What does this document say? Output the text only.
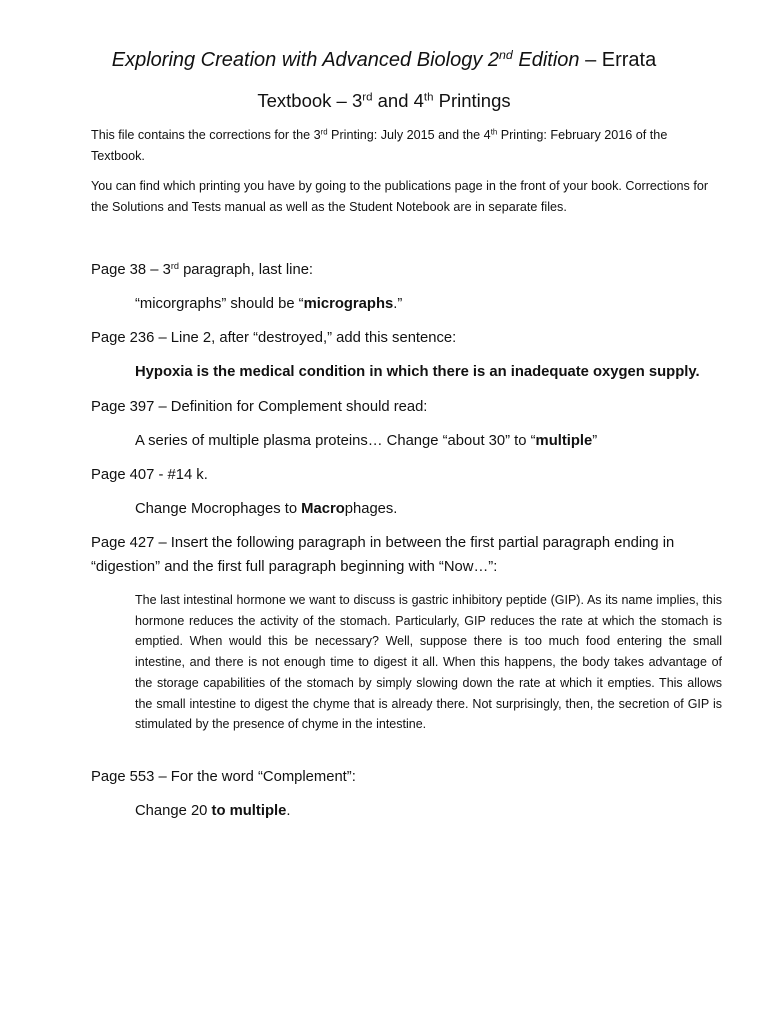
Exploring Creation with Advanced Biology 2nd Edition – Errata
Textbook – 3rd and 4th Printings
This file contains the corrections for the 3rd Printing: July 2015 and the 4th Printing: February 2016 of the Textbook.
You can find which printing you have by going to the publications page in the front of your book. Corrections for the Solutions and Tests manual as well as the Student Notebook are in separate files.
Page 38 – 3rd paragraph, last line:
“micorgraphs” should be “micrographs.”
Page 236 – Line 2, after “destroyed,” add this sentence:
Hypoxia is the medical condition in which there is an inadequate oxygen supply.
Page 397 – Definition for Complement should read:
A series of multiple plasma proteins… Change “about 30” to “multiple”
Page 407 - #14 k.
Change Mocrophages to Macrophages.
Page 427 – Insert the following paragraph in between the first partial paragraph ending in “digestion” and the first full paragraph beginning with “Now…”:
The last intestinal hormone we want to discuss is gastric inhibitory peptide (GIP). As its name implies, this hormone reduces the activity of the stomach. Particularly, GIP reduces the rate at which the stomach is emptied. When would this be necessary? Well, suppose there is too much food entering the small intestine, and there is not enough time to digest it all. When this happens, the body takes advantage of the storage capabilities of the stomach by simply slowing down the rate at which it empties. This allows the small intestine to digest the chyme that is already there. Not surprisingly, then, the secretion of GIP is stimulated by the presence of chyme in the intestine.
Page 553 – For the word “Complement”:
Change 20 to multiple.
